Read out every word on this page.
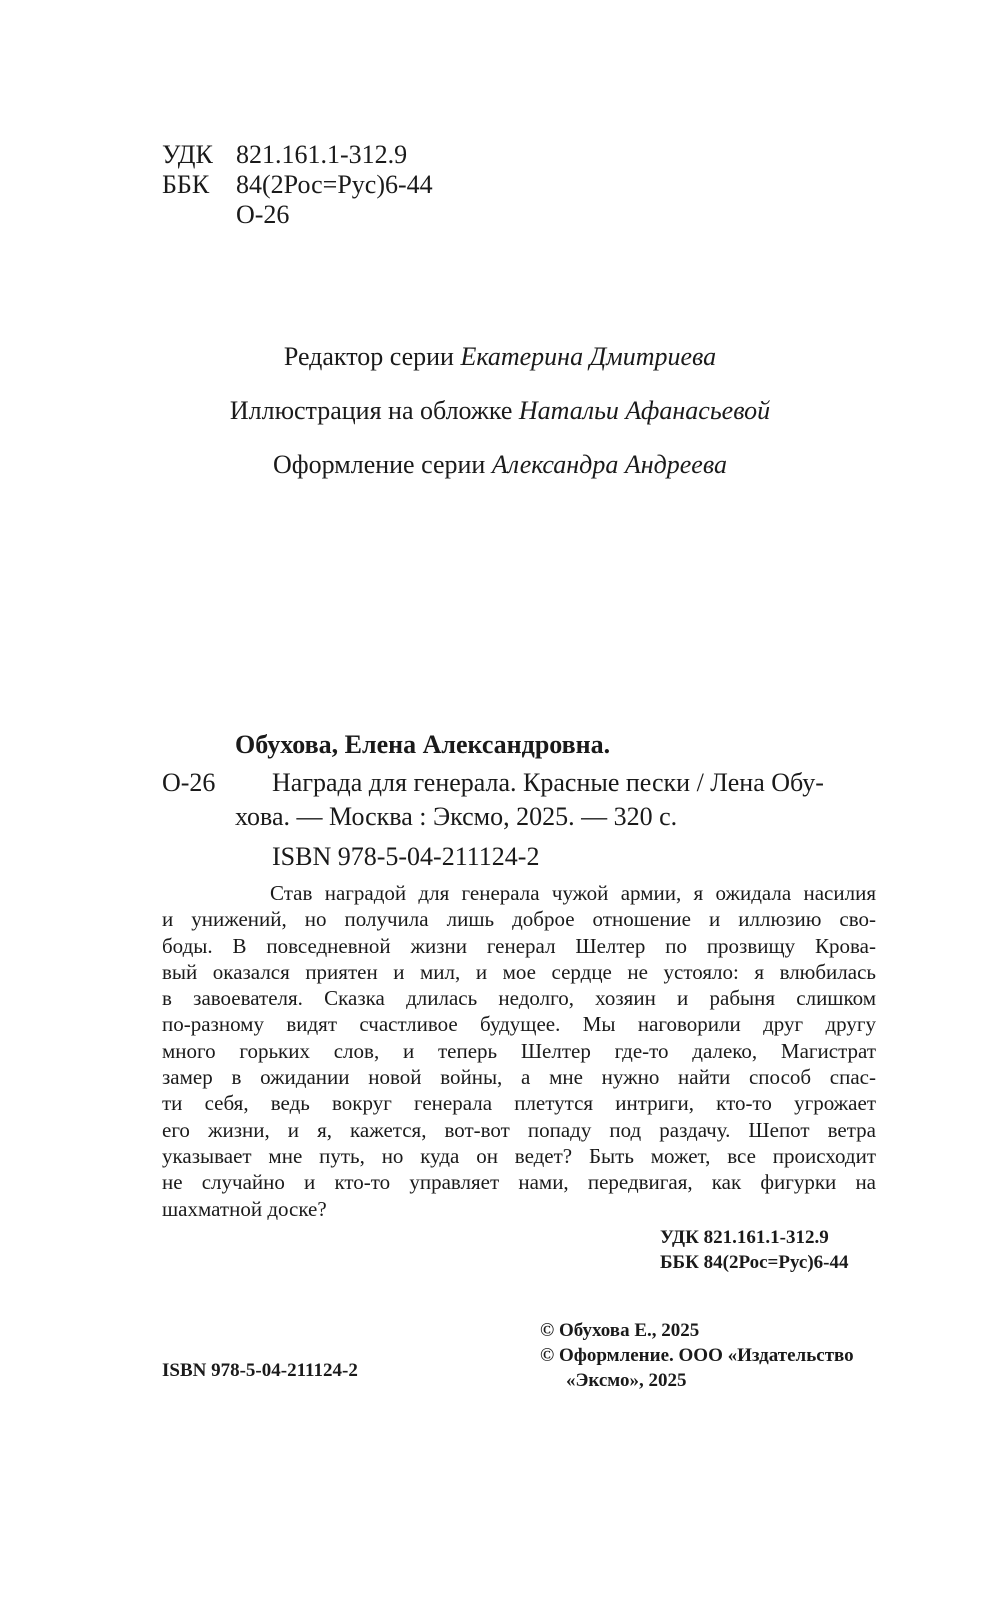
УДК 821.161.1-312.9
ББК 84(2Рос=Рус)6-44
О-26
Редактор серии Екатерина Дмитриева
Иллюстрация на обложке Натальи Афанасьевой
Оформление серии Александра Андреева
Обухова, Елена Александровна.
О-26 Награда для генерала. Красные пески / Лена Обу-
хова. — Москва : Эксмо, 2025. — 320 с.
ISBN 978-5-04-211124-2
Став наградой для генерала чужой армии, я ожидала насилия
и унижений, но получила лишь доброе отношение и иллюзию сво-
боды. В повседневной жизни генерал Шелтер по прозвищу Крова-
вый оказался приятен и мил, и мое сердце не устояло: я влюбилась
в завоевателя. Сказка длилась недолго, хозяин и рабыня слишком
по-разному видят счастливое будущее. Мы наговорили друг другу
много горьких слов, и теперь Шелтер где-то далеко, Магистрат
замер в ожидании новой войны, а мне нужно найти способ спас-
ти себя, ведь вокруг генерала плетутся интриги, кто-то угрожает
его жизни, и я, кажется, вот-вот попаду под раздачу. Шепот ветра
указывает мне путь, но куда он ведет? Быть может, все происходит
не случайно и кто-то управляет нами, передвигая, как фигурки на
шахматной доске?
УДК 821.161.1-312.9
ББК 84(2Рос=Рус)6-44
© Обухова Е., 2025
© Оформление. ООО «Издательство
«Эксмо», 2025
ISBN 978-5-04-211124-2
